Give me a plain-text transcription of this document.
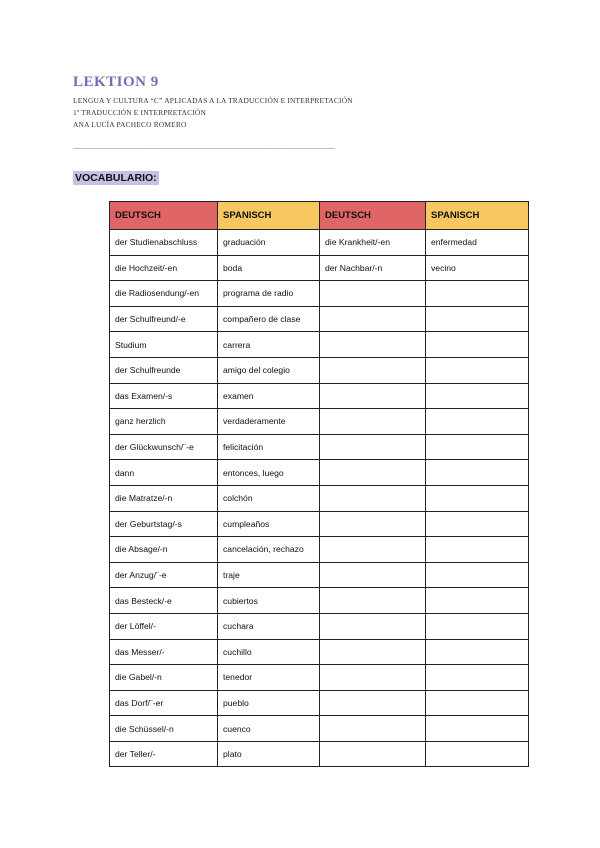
LEKTION 9
LENGUA Y CULTURA “C” APLICADAS A LA TRADUCCIÓN E INTERPRETACIÓN
1º TRADUCCIÓN E INTERPRETACIÓN
ANA LUCÍA PACHECO ROMERO
_______________________________________________________________
VOCABULARIO:
DEUTSCH	SPANISCH	DEUTSCH	SPANISCH
der Studienabschluss	graduación	die Krankheit/-en	enfermedad
die Hochzeit/-en	boda	der Nachbar/-n	vecino
die Radiosendung/-en	programa de radio		
der Schulfreund/-e	compañero de clase		
Studium	carrera		
der Schulfreunde	amigo del colegio		
das Examen/-s	examen		
ganz herzlich	verdaderamente		
der Glückwunsch/¨-e	felicitación		
dann	entonces, luego		
die Matratze/-n	colchón		
der Geburtstag/-s	cumpleaños		
die Absage/-n	cancelación, rechazo		
der Anzug/¨-e	traje		
das Besteck/-e	cubiertos		
der Löffel/-	cuchara		
das Messer/-	cuchillo		
die Gabel/-n	tenedor		
das Dorf/¨-er	pueblo		
die Schüssel/-n	cuenco		
der Teller/-	plato		
